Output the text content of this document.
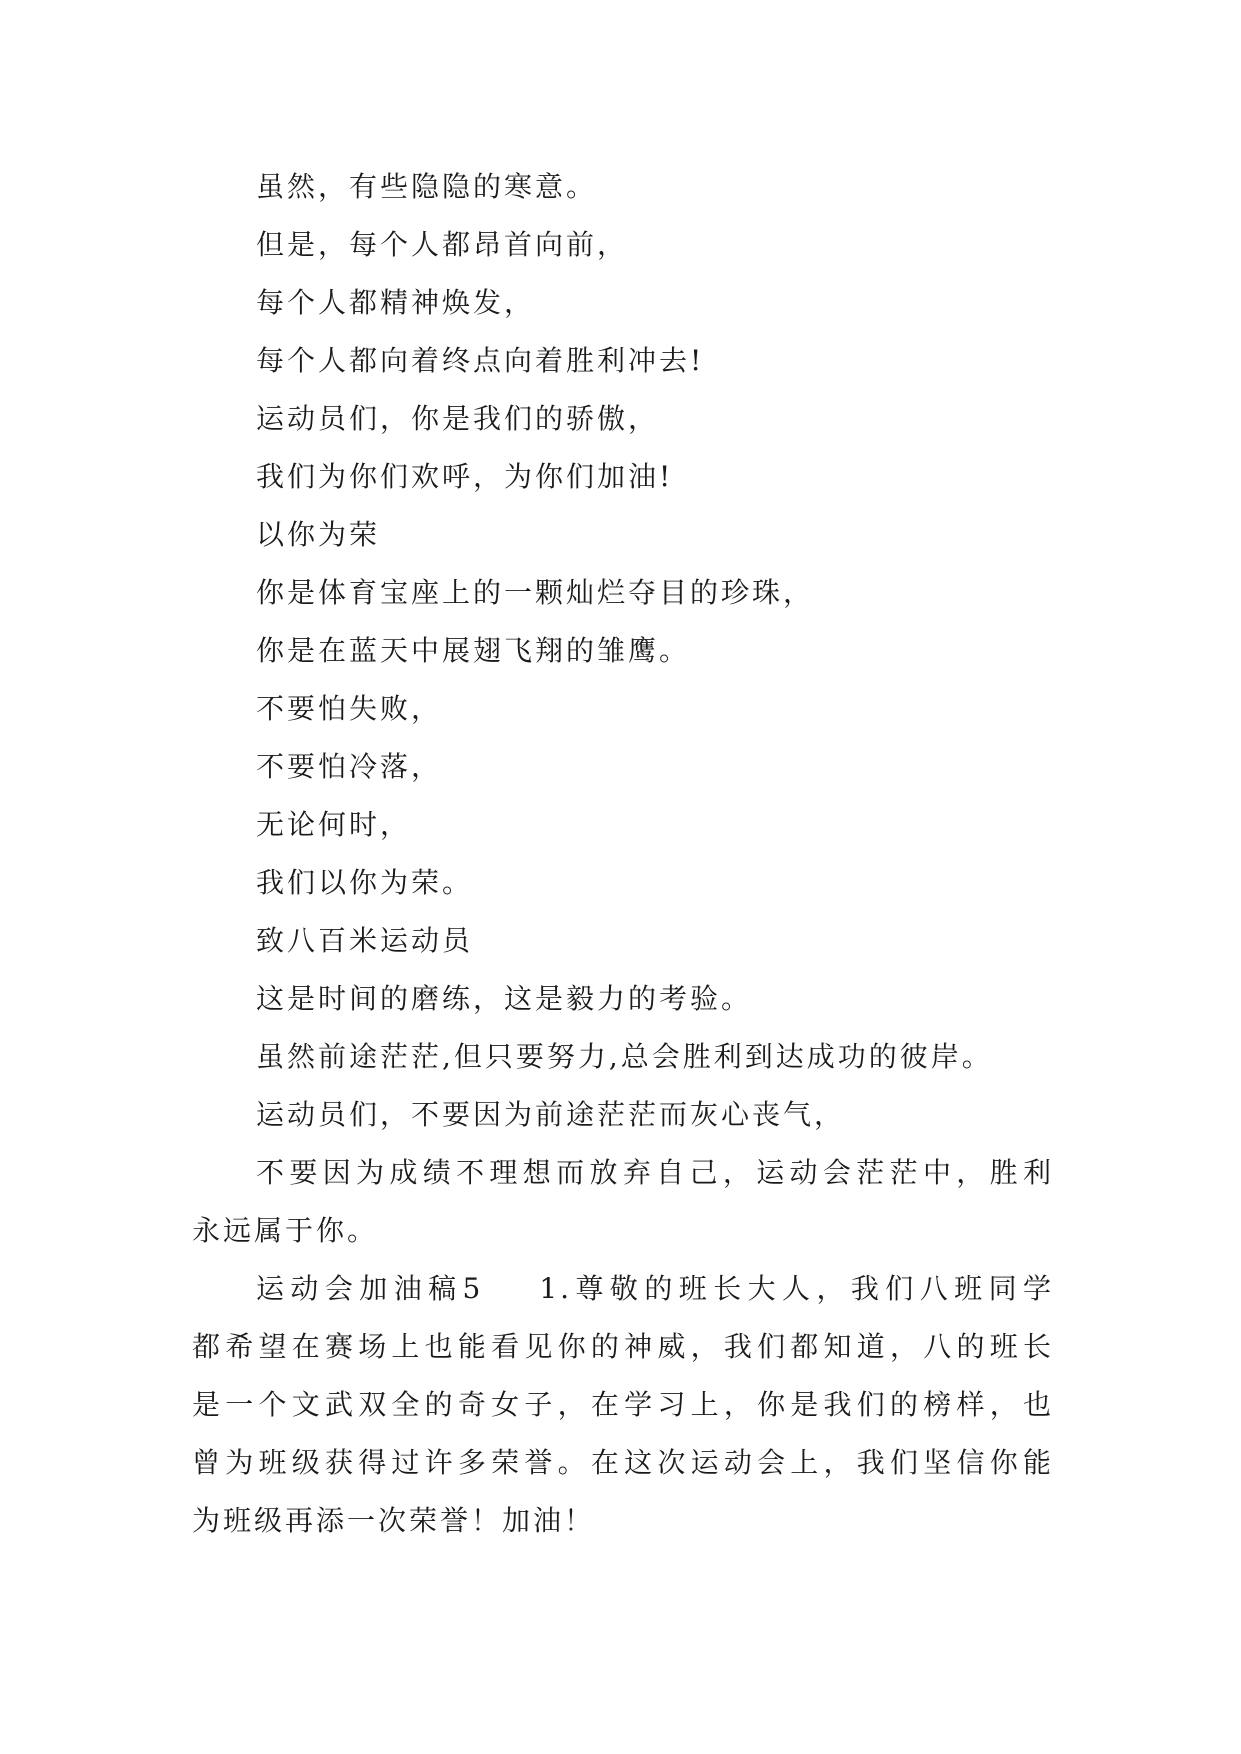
虽然，有些隐隐的寒意。
但是，每个人都昂首向前，
每个人都精神焕发，
每个人都向着终点向着胜利冲去!
运动员们，你是我们的骄傲，
我们为你们欢呼，为你们加油!
以你为荣
你是体育宝座上的一颗灿烂夺目的珍珠，
你是在蓝天中展翅飞翔的雏鹰。
不要怕失败，
不要怕冷落，
无论何时，
我们以你为荣。
致八百米运动员
这是时间的磨练，这是毅力的考验。
虽然前途茫茫,但只要努力,总会胜利到达成功的彼岸。
运动员们，不要因为前途茫茫而灰心丧气，
不要因为成绩不理想而放弃自己，运动会茫茫中，胜利
永远属于你。
运动会加油稿5 1.尊敬的班长大人，我们八班同学
都希望在赛场上也能看见你的神威，我们都知道，八的班长
是一个文武双全的奇女子，在学习上，你是我们的榜样，也
曾为班级获得过许多荣誉。在这次运动会上，我们坚信你能
为班级再添一次荣誉！加油！
